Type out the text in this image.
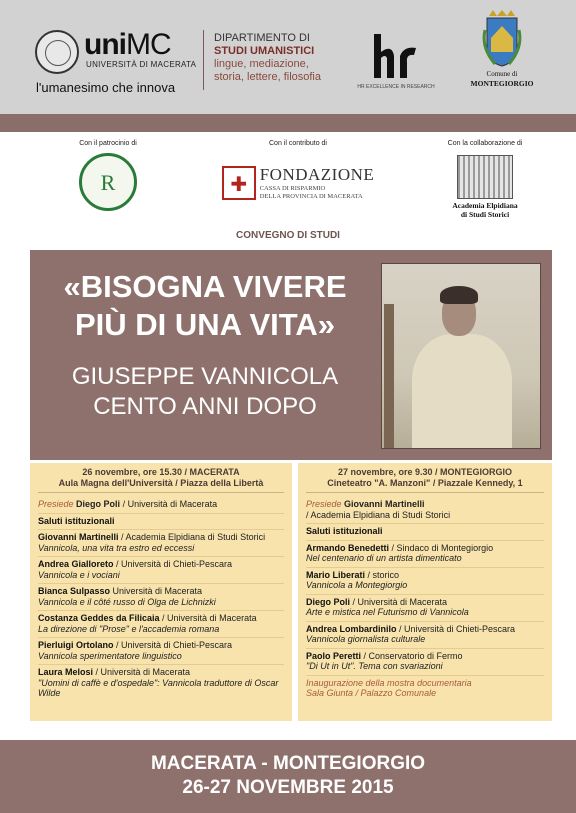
uniMC
UNIVERSITÀ DI MACERATA
l'umanesimo che innova
DIPARTIMENTO DI
STUDI UMANISTICI
lingue, mediazione,
storia, lettere, filosofia
HR EXCELLENCE IN RESEARCH
Comune di
MONTEGIORGIO
Con il patrocinio di
R	Con il contributo di
✚
FONDAZIONE
CASSA DI RISPARMIO
DELLA PROVINCIA DI MACERATA
Con la collaborazione di
Academia Elpidiana
di Studi Storici
CONVEGNO DI STUDI
«BISOGNA VIVERE
PIÙ DI UNA VITA»
GIUSEPPE VANNICOLA
CENTO ANNI DOPO
26 novembre, ore 15.30 / MACERATA
Aula Magna dell'Università / Piazza della Libertà
Presiede Diego Poli / Università di Macerata
Saluti istituzionali
Giovanni Martinelli / Academia Elpidiana di Studi Storici
Vannicola, una vita tra estro ed eccessi
Andrea Gialloreto / Università di Chieti-Pescara
Vannicola e i vociani
Bianca Sulpasso Università di Macerata
Vannicola e il côté russo di Olga de Lichnizki
Costanza Geddes da Filicaia / Università di Macerata
La direzione di "Prose" e l'accademia romana
Pierluigi Ortolano / Università di Chieti-Pescara
Vannicola sperimentatore linguistico
Laura Melosi / Università di Macerata
"Uomini di caffè e d'ospedale": Vannicola traduttore di Oscar Wilde
27 novembre, ore 9.30 / MONTEGIORGIO
Cineteatro "A. Manzoni" / Piazzale Kennedy, 1
Presiede Giovanni Martinelli
/ Academia Elpidiana di Studi Storici
Saluti istituzionali
Armando Benedetti / Sindaco di Montegiorgio
Nel centenario di un artista dimenticato
Mario Liberati / storico
Vannicola a Montegiorgio
Diego Poli / Università di Macerata
Arte e mistica nel Futurismo di Vannicola
Andrea Lombardinilo / Università di Chieti-Pescara
Vannicola giornalista culturale
Paolo Peretti / Conservatorio di Fermo
"Di Ut in Ut". Tema con svariazioni
Inaugurazione della mostra documentaria
Sala Giunta / Palazzo Comunale
MACERATA - MONTEGIORGIO
26-27 NOVEMBRE 2015
